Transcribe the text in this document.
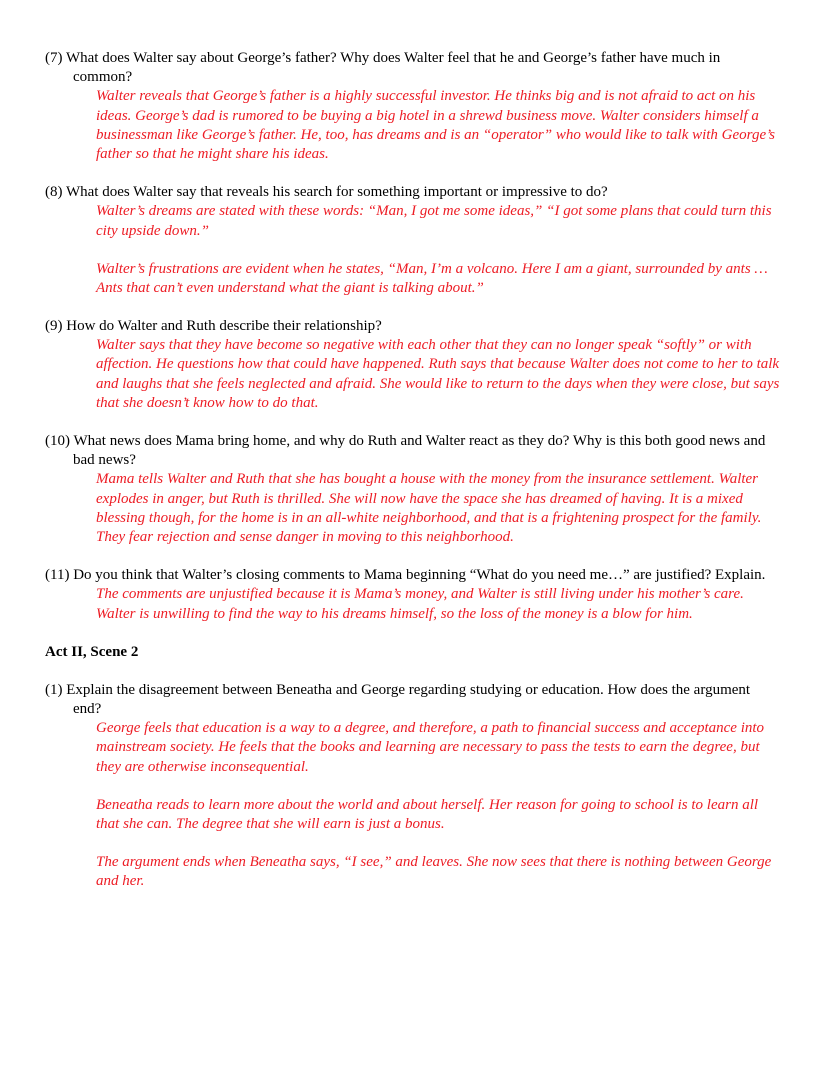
(7) What does Walter say about George’s father? Why does Walter feel that he and George’s father have much in common?

Walter reveals that George’s father is a highly successful investor. He thinks big and is not afraid to act on his ideas. George’s dad is rumored to be buying a big hotel in a shrewd business move. Walter considers himself a businessman like George’s father. He, too, has dreams and is an “operator” who would like to talk with George’s father so that he might share his ideas.

(8) What does Walter say that reveals his search for something important or impressive to do?

Walter’s dreams are stated with these words: “Man, I got me some ideas,” “I got some plans that could turn this city upside down.”

Walter’s frustrations are evident when he states, “Man, I’m a volcano. Here I am a giant, surrounded by ants … Ants that can’t even understand what the giant is talking about.”

(9) How do Walter and Ruth describe their relationship?

Walter says that they have become so negative with each other that they can no longer speak “softly” or with affection. He questions how that could have happened. Ruth says that because Walter does not come to her to talk and laughs that she feels neglected and afraid. She would like to return to the days when they were close, but says that she doesn’t know how to do that.

(10) What news does Mama bring home, and why do Ruth and Walter react as they do? Why is this both good news and bad news?

Mama tells Walter and Ruth that she has bought a house with the money from the insurance settlement. Walter explodes in anger, but Ruth is thrilled. She will now have the space she has dreamed of having. It is a mixed blessing though, for the home is in an all-white neighborhood, and that is a frightening prospect for the family. They fear rejection and sense danger in moving to this neighborhood.

(11) Do you think that Walter’s closing comments to Mama beginning “What do you need me…” are justified? Explain.

The comments are unjustified because it is Mama’s money, and Walter is still living under his mother’s care. Walter is unwilling to find the way to his dreams himself, so the loss of the money is a blow for him.

Act II, Scene 2

(1) Explain the disagreement between Beneatha and George regarding studying or education. How does the argument end?

George feels that education is a way to a degree, and therefore, a path to financial success and acceptance into mainstream society. He feels that the books and learning are necessary to pass the tests to earn the degree, but they are otherwise inconsequential.

Beneatha reads to learn more about the world and about herself. Her reason for going to school is to learn all that she can. The degree that she will earn is just a bonus.

The argument ends when Beneatha says, “I see,” and leaves. She now sees that there is nothing between George and her.
